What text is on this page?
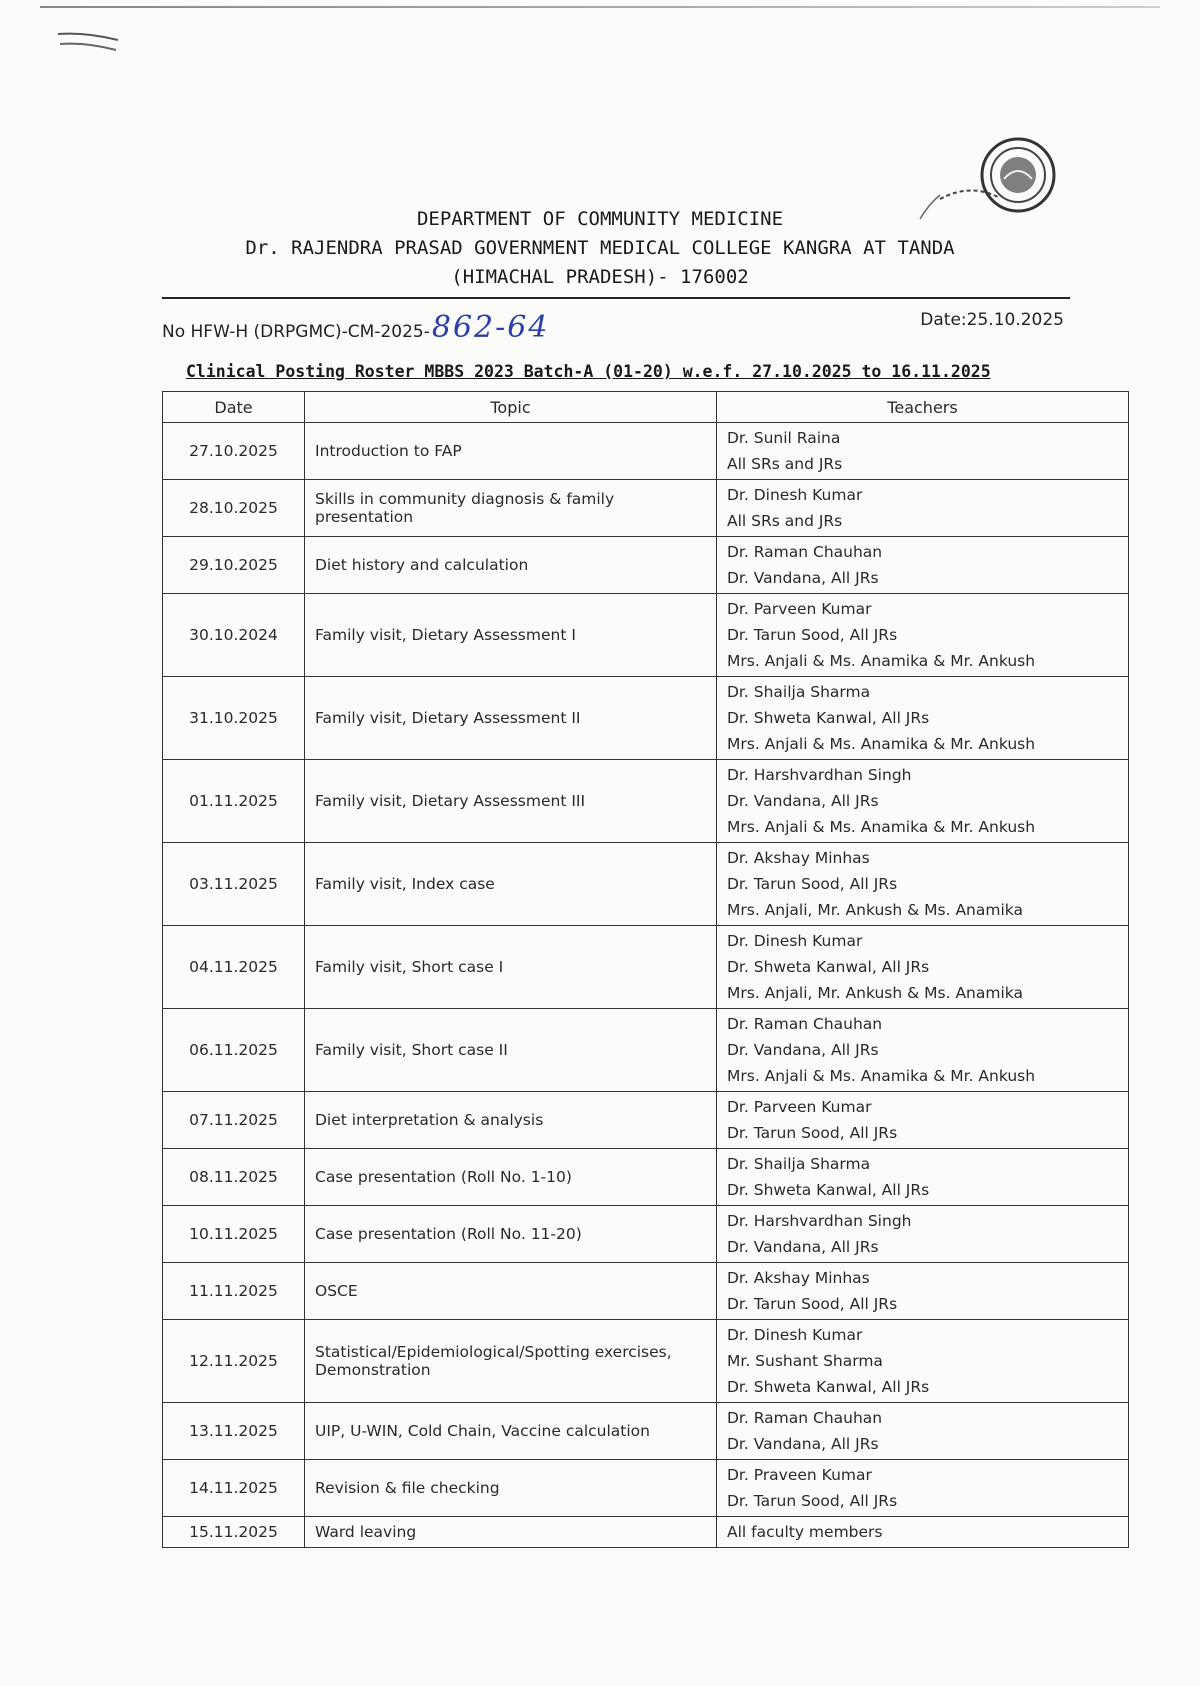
DEPARTMENT OF COMMUNITY MEDICINE
Dr. RAJENDRA PRASAD GOVERNMENT MEDICAL COLLEGE KANGRA AT TANDA
(HIMACHAL PRADESH)- 176002
No HFW-H (DRPGMC)-CM-2025-862-64	Date:25.10.2025
Clinical Posting Roster MBBS 2023 Batch-A (01-20) w.e.f. 27.10.2025 to 16.11.2025
Date	Topic	Teachers
27.10.2025	Introduction to FAP	Dr. Sunil Raina
All SRs and JRs

28.10.2025	Skills in community diagnosis & family presentation	Dr. Dinesh Kumar
All SRs and JRs

29.10.2025	Diet history and calculation	Dr. Raman Chauhan
Dr. Vandana, All JRs

30.10.2024	Family visit, Dietary Assessment I	Dr. Parveen Kumar
Dr. Tarun Sood, All JRs
Mrs. Anjali & Ms. Anamika & Mr. Ankush

31.10.2025	Family visit, Dietary Assessment II	Dr. Shailja Sharma
Dr. Shweta Kanwal, All JRs
Mrs. Anjali & Ms. Anamika & Mr. Ankush

01.11.2025	Family visit, Dietary Assessment III	Dr. Harshvardhan Singh
Dr. Vandana, All JRs
Mrs. Anjali & Ms. Anamika & Mr. Ankush

03.11.2025	Family visit, Index case	Dr. Akshay Minhas
Dr. Tarun Sood, All JRs
Mrs. Anjali, Mr. Ankush & Ms. Anamika

04.11.2025	Family visit, Short case I	Dr. Dinesh Kumar
Dr. Shweta Kanwal, All JRs
Mrs. Anjali, Mr. Ankush & Ms. Anamika

06.11.2025	Family visit, Short case II	Dr. Raman Chauhan
Dr. Vandana, All JRs
Mrs. Anjali & Ms. Anamika & Mr. Ankush

07.11.2025	Diet interpretation & analysis	Dr. Parveen Kumar
Dr. Tarun Sood, All JRs

08.11.2025	Case presentation (Roll No. 1-10)	Dr. Shailja Sharma
Dr. Shweta Kanwal, All JRs

10.11.2025	Case presentation (Roll No. 11-20)	Dr. Harshvardhan Singh
Dr. Vandana, All JRs

11.11.2025	OSCE	Dr. Akshay Minhas
Dr. Tarun Sood, All JRs

12.11.2025	Statistical/Epidemiological/Spotting exercises, Demonstration	Dr. Dinesh Kumar
Mr. Sushant Sharma
Dr. Shweta Kanwal, All JRs

13.11.2025	UIP, U-WIN, Cold Chain, Vaccine calculation	Dr. Raman Chauhan
Dr. Vandana, All JRs

14.11.2025	Revision & file checking	Dr. Praveen Kumar
Dr. Tarun Sood, All JRs

15.11.2025	Ward leaving	All faculty members
